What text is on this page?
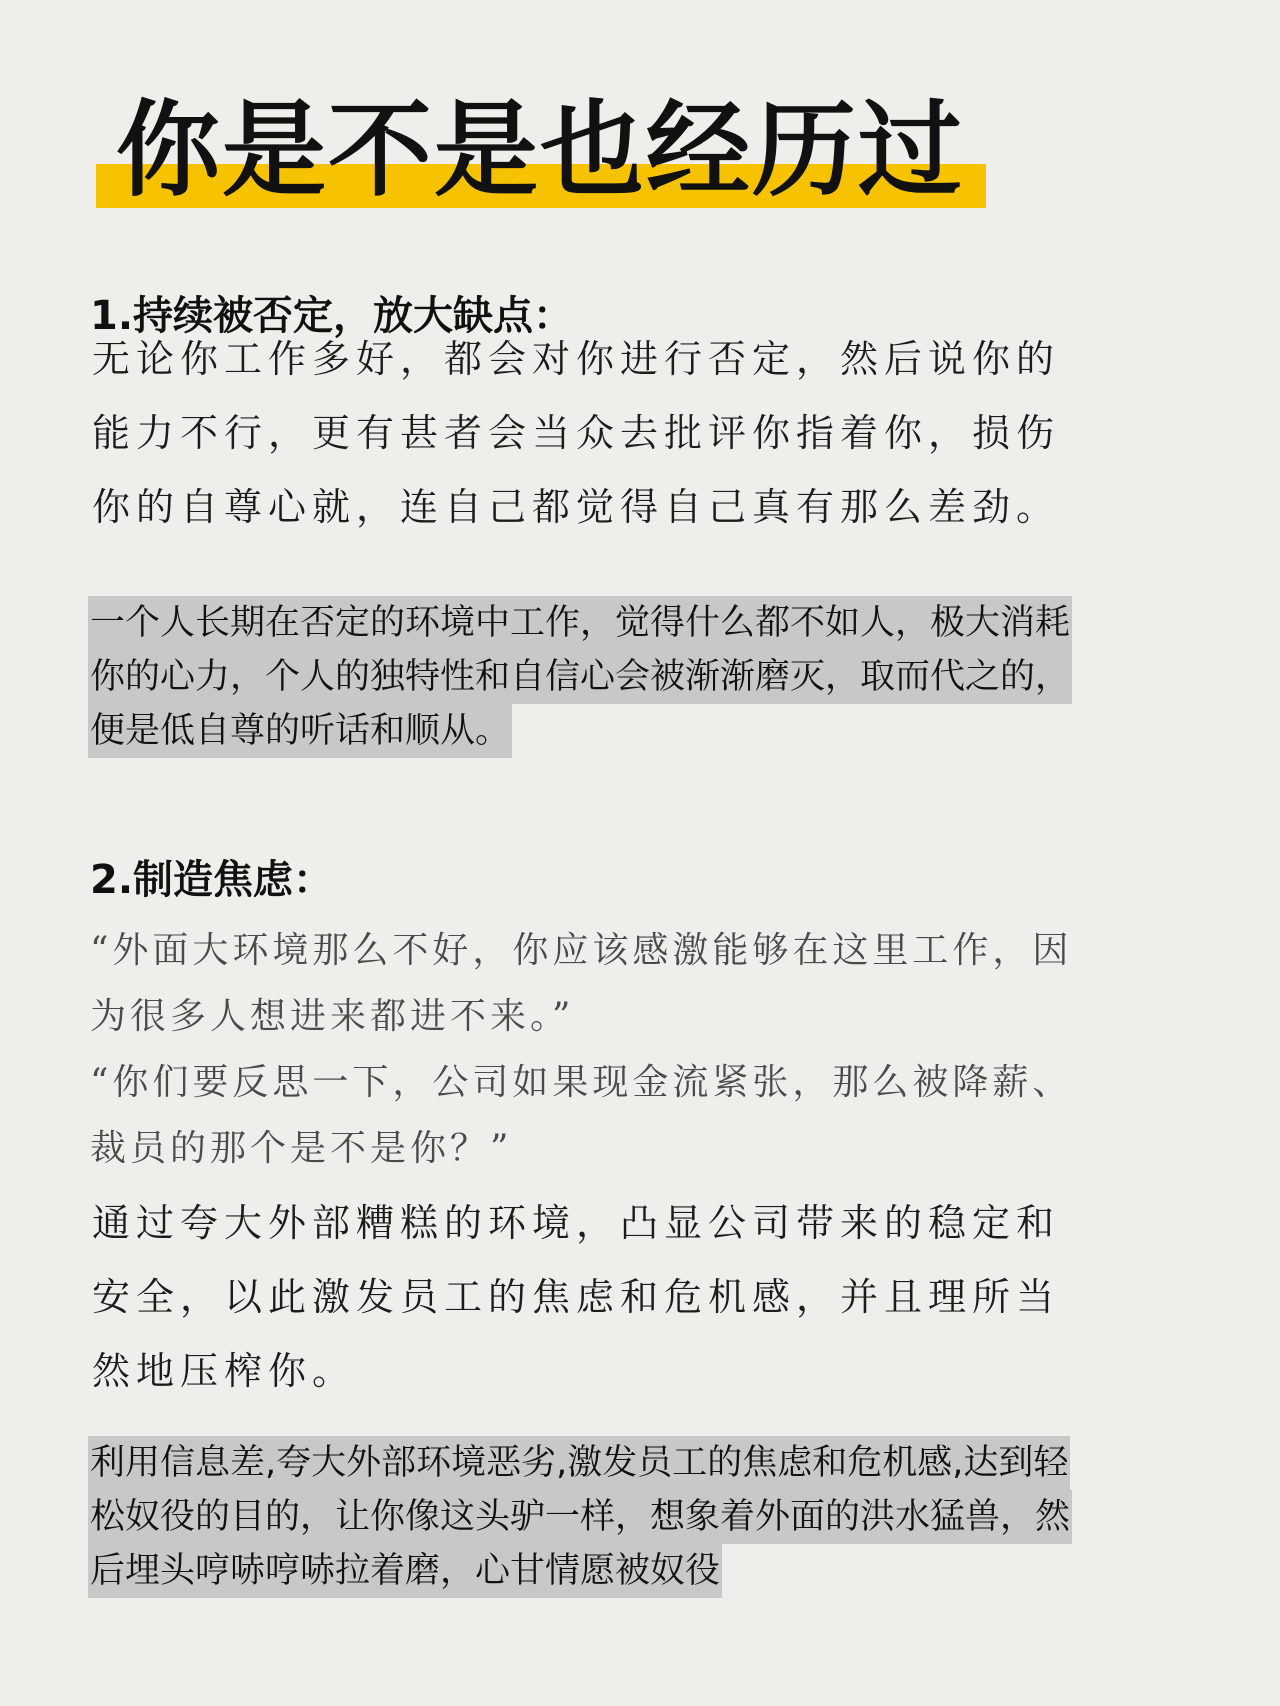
你是不是也经历过
1.持续被否定，放大缺点：

无论你工作多好，都会对你进行否定，然后说你的
能力不行，更有甚者会当众去批评你指着你，损伤
你的自尊心就，连自己都觉得自己真有那么差劲。

一个人长期在否定的环境中工作，觉得什么都不如人，极大消耗
你的心力，个人的独特性和自信心会被渐渐磨灭，取而代之的，
便是低自尊的听话和顺从。
2.制造焦虑：
“外面大环境那么不好，你应该感激能够在这里工作，因
为很多人想进来都进不来。”
“你们要反思一下，公司如果现金流紧张，那么被降薪、
裁员的那个是不是你？”

通过夸大外部糟糕的环境，凸显公司带来的稳定和
安全，以此激发员工的焦虑和危机感，并且理所当
然地压榨你。

利用信息差,夸大外部环境恶劣,激发员工的焦虑和危机感,达到轻
松奴役的目的，让你像这头驴一样，想象着外面的洪水猛兽，然
后埋头哼哧哼哧拉着磨，心甘情愿被奴役
